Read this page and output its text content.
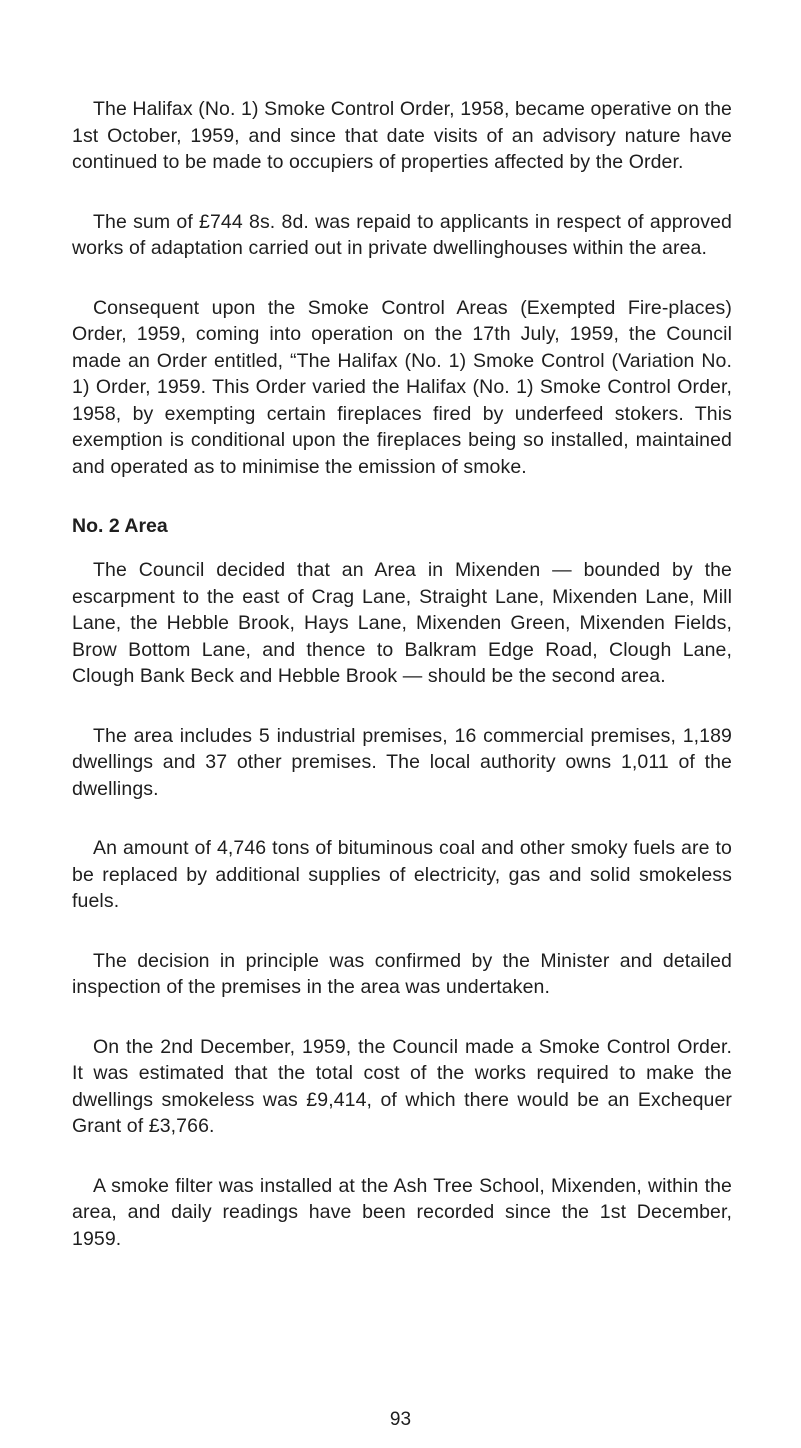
The Halifax (No. 1) Smoke Control Order, 1958, became operative on the 1st October, 1959, and since that date visits of an advisory nature have continued to be made to occupiers of properties affected by the Order.

The sum of £744 8s. 8d. was repaid to applicants in respect of approved works of adaptation carried out in private dwellinghouses within the area.

Consequent upon the Smoke Control Areas (Exempted Fire-places) Order, 1959, coming into operation on the 17th July, 1959, the Council made an Order entitled, “The Halifax (No. 1) Smoke Control (Variation No. 1) Order, 1959. This Order varied the Halifax (No. 1) Smoke Control Order, 1958, by exempting certain fireplaces fired by underfeed stokers. This exemption is conditional upon the fireplaces being so installed, maintained and operated as to minimise the emission of smoke.

No. 2 Area

The Council decided that an Area in Mixenden — bounded by the escarpment to the east of Crag Lane, Straight Lane, Mixenden Lane, Mill Lane, the Hebble Brook, Hays Lane, Mixenden Green, Mixenden Fields, Brow Bottom Lane, and thence to Balkram Edge Road, Clough Lane, Clough Bank Beck and Hebble Brook — should be the second area.

The area includes 5 industrial premises, 16 commercial premises, 1,189 dwellings and 37 other premises. The local authority owns 1,011 of the dwellings.

An amount of 4,746 tons of bituminous coal and other smoky fuels are to be replaced by additional supplies of electricity, gas and solid smokeless fuels.

The decision in principle was confirmed by the Minister and detailed inspection of the premises in the area was undertaken.

On the 2nd December, 1959, the Council made a Smoke Control Order. It was estimated that the total cost of the works required to make the dwellings smokeless was £9,414, of which there would be an Exchequer Grant of £3,766.

A smoke filter was installed at the Ash Tree School, Mixenden, within the area, and daily readings have been recorded since the 1st December, 1959.

93
